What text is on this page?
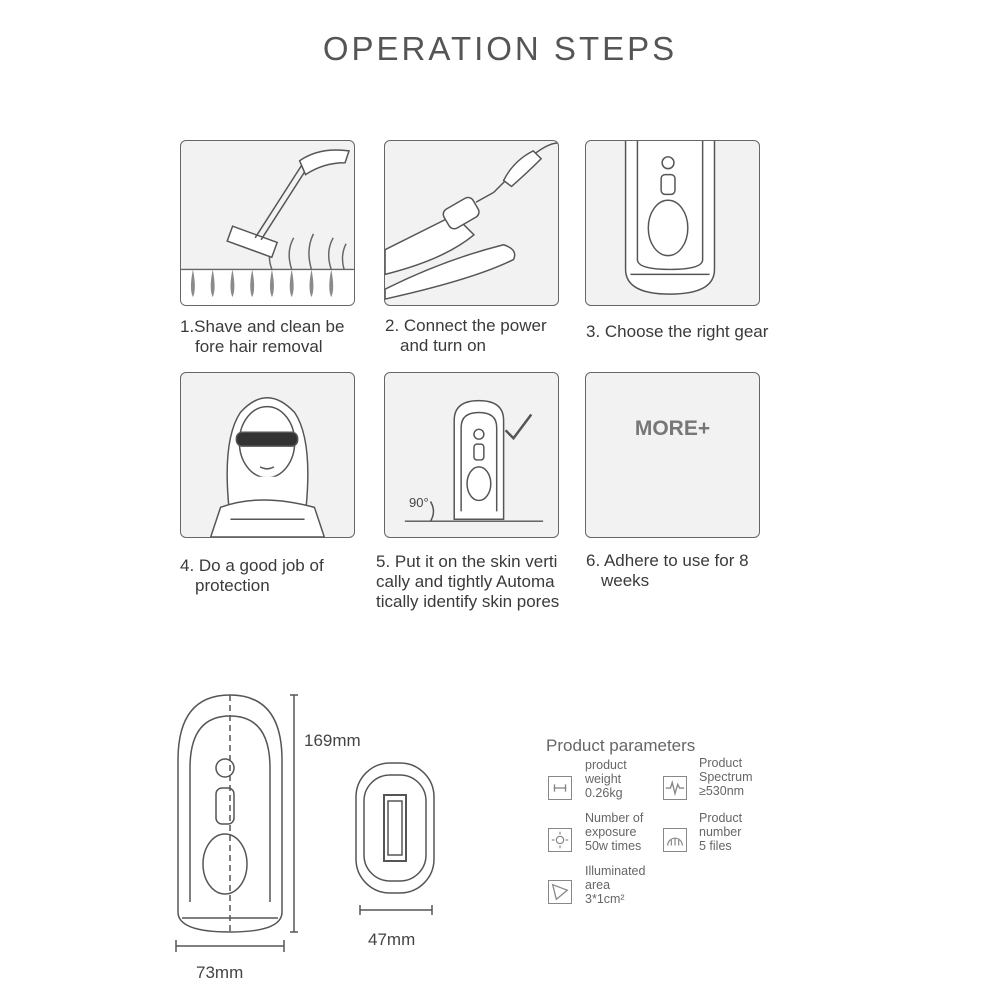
OPERATION STEPS
1.Shave and clean be
fore hair removal
2. Connect the power
and turn on
3. Choose the right gear
90°
MORE+
4. Do a good job of
protection
5. Put it on the skin verti
cally and tightly Automa
tically identify skin pores
6. Adhere to use for 8
weeks
169mm
73mm
47mm
Product parameters
product
weight
0.26kg
Product
Spectrum
≥530nm
Number of
exposure
50w times
Product
number
5 files
Illuminated
area
3*1cm²
